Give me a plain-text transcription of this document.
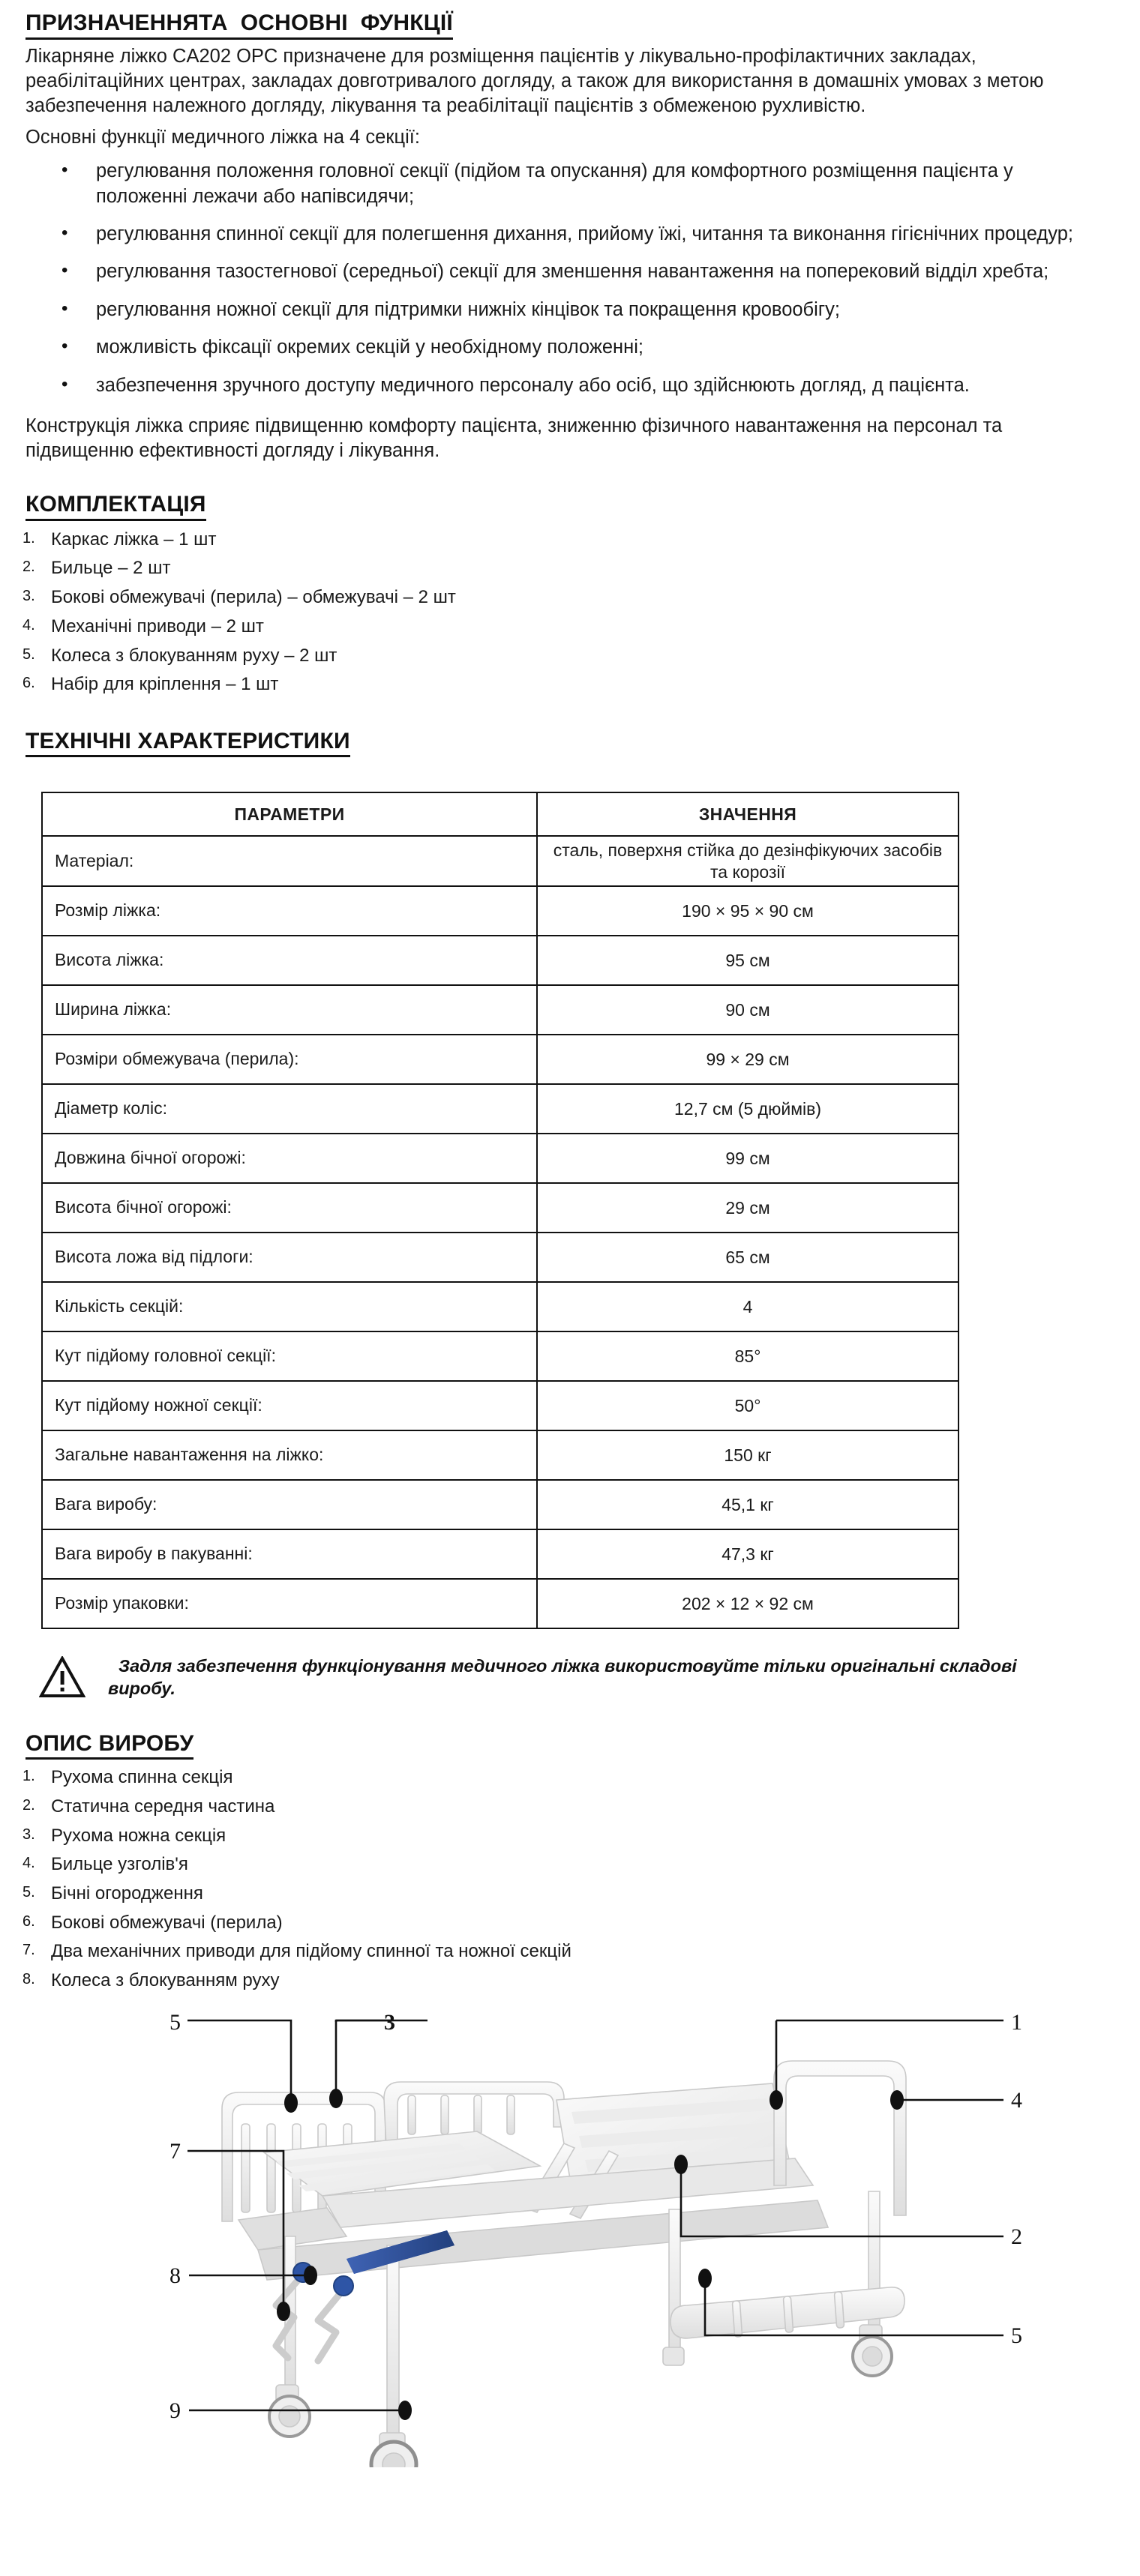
ПРИЗНАЧЕННЯТА  ОСНОВНІ  ФУНКЦІЇ
Лікарняне ліжко CA202 OPC призначене для розміщення пацієнтів у лікувально-профілактичних закладах, реабілітаційних центрах, закладах довготривалого догляду, а також для використання в домашніх умовах з метою забезпечення належного догляду, лікування та реабілітації пацієнтів з обмеженою рухливістю.
Основні функції медичного ліжка на 4 секції:
• регулювання положення головної секції (підйом та опускання) для комфортного розміщення пацієнта у положенні лежачи або напівсидячи;
• регулювання спинної секції для полегшення дихання, прийому їжі, читання та виконання гігієнічних процедур;
• регулювання тазостегнової (середньої) секції для зменшення навантаження на поперековий відділ хребта;
• регулювання ножної секції для підтримки нижніх кінцівок та покращення кровообігу;
• можливість фіксації окремих секцій у необхідному положенні;
• забезпечення зручного доступу медичного персоналу або осіб, що здійснюють догляд, д пацієнта.
Конструкція ліжка сприяє підвищенню комфорту пацієнта, зниженню фізичного навантаження на персонал та підвищенню ефективності догляду і лікування.
КОМПЛЕКТАЦІЯ
Каркас ліжка – 1 шт
Бильце – 2 шт
Бокові обмежувачі (перила) – обмежувачі – 2 шт
Механічні приводи – 2 шт
Колеса з блокуванням руху – 2 шт
Набір для кріплення – 1 шт
ТЕХНІЧНІ ХАРАКТЕРИСТИКИ
ПАРАМЕТРИ	ЗНАЧЕННЯ
Матеріал:	сталь, поверхня стійка до дезінфікуючих засобів та корозії
Розмір ліжка:	190 × 95 × 90 см
Висота ліжка:	95 см
Ширина ліжка:	90 см
Розміри обмежувача (перила):	99 × 29 см
Діаметр коліс:	12,7 см (5 дюймів)
Довжина бічної огорожі:	99 см
Висота бічної огорожі:	29 см
Висота ложа від підлоги:	65 см
Кількість секцій:	4
Кут підйому головної секції:	85°
Кут підйому ножної секції:	50°
Загальне навантаження на ліжко:	150 кг
Вага виробу:	45,1 кг
Вага виробу в пакуванні:	47,3 кг
Розмір упаковки:	202 × 12 × 92 см
Задля забезпечення функціонування медичного ліжка використовуйте тільки оригінальні складові виробу.
ОПИС ВИРОБУ
Рухома спинна секція
Статична середня частина
Рухома ножна секція
Бильце узголів'я
Бічні огородження
Бокові обмежувачі (перила)
Два механічних приводи для підйому спинної та ножної секцій
Колеса з блокуванням руху
5	3	1
4
7
2
8
5
9
